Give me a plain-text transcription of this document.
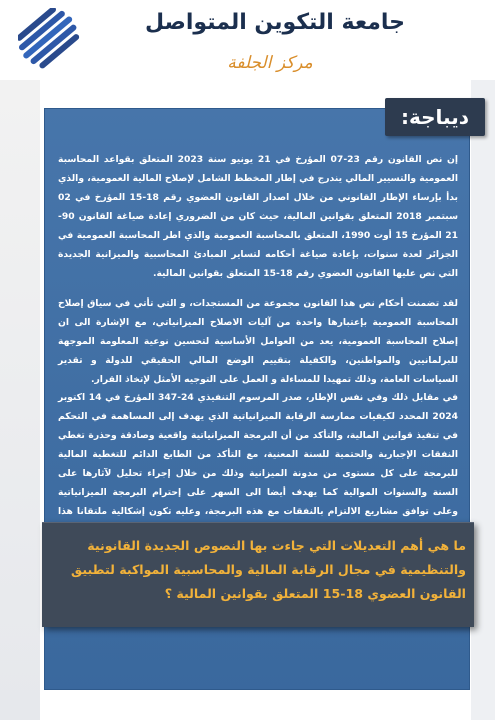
جامعة التكوين المتواصل
مركز الجلفة
ديباجة:
إن نص القانون رقم 23-07 المؤرخ في 21 يونيو سنة 2023 المتعلق بقواعد المحاسبة العمومية والتسيير المالي يندرج في إطار المخطط الشامل لإصلاح المالية العمومية، والذي بدأ بإرساء الإطار القانوني من خلال اصدار القانون العضوي رقم 18-15 المؤرخ في 02 سبتمبر 2018 المتعلق بقوانين المالية، حيث كان من الضروري إعادة صياغة القانون 90-21 المؤرخ 15 أوت 1990، المتعلق بالمحاسبة العمومية والذي اطر المحاسبة العمومية في الجزائر لعدة سنوات، بإعادة صياغة أحكامه لتساير المبادئ المحاسبية والميزانية الجديدة التي نص عليها القانون العضوي رقم 18-15 المتعلق بقوانين المالية.
لقد تضمنت أحكام نص هذا القانون مجموعة من المستجدات، و التي تأتي في سياق إصلاح المحاسبة العمومية بإعتبارها واحدة من آليات الاصلاح الميزانياتي، مع الإشارة الى ان إصلاح المحاسبة العمومية، يعد من العوامل الأساسية لتحسين نوعية المعلومة الموجهة للبرلمانيين والمواطنين، والكفيلة بتقييم الوضع المالي الحقيقي للدولة و تقدير السياسات العامة، وذلك تمهيدا للمساءلة و العمل على التوجيه الأمثل لإتخاذ القرار.
في مقابل ذلك وفي نفس الإطار، صدر المرسوم التنفيذي 24-347 المؤرخ في 14 اكتوبر 2024 المحدد لكيفيات ممارسة الرقابة الميزانياتية الذي يهدف إلى المساهمة في التحكم في تنفيذ قوانين المالية، والتأكد من أن البرمجة الميزانياتية واقعية وصادقة وحذرة تغطي النفقات الإجبارية والحتمية للسنة المعنية، مع التأكد من الطابع الدائم للتغطية المالية للبرمجة على كل مستوى من مدونة الميزانية وذلك من خلال إجراء تحليل لآثارها على السنة والسنوات الموالية كما يهدف أيضا الى السهر على إحترام البرمجة الميزانياتية وعلى توافق مشاريع الالتزام بالنفقات مع هذه البرمجة، وعليه تكون إشكالية ملتقانا هذا
ما هي أهم التعديلات التي جاءت بها النصوص الجديدة القانونية والتنظيمية في مجال الرقابة المالية والمحاسبية المواكبة لتطبيق القانون العضوي 18-15 المتعلق بقوانين المالية ؟
